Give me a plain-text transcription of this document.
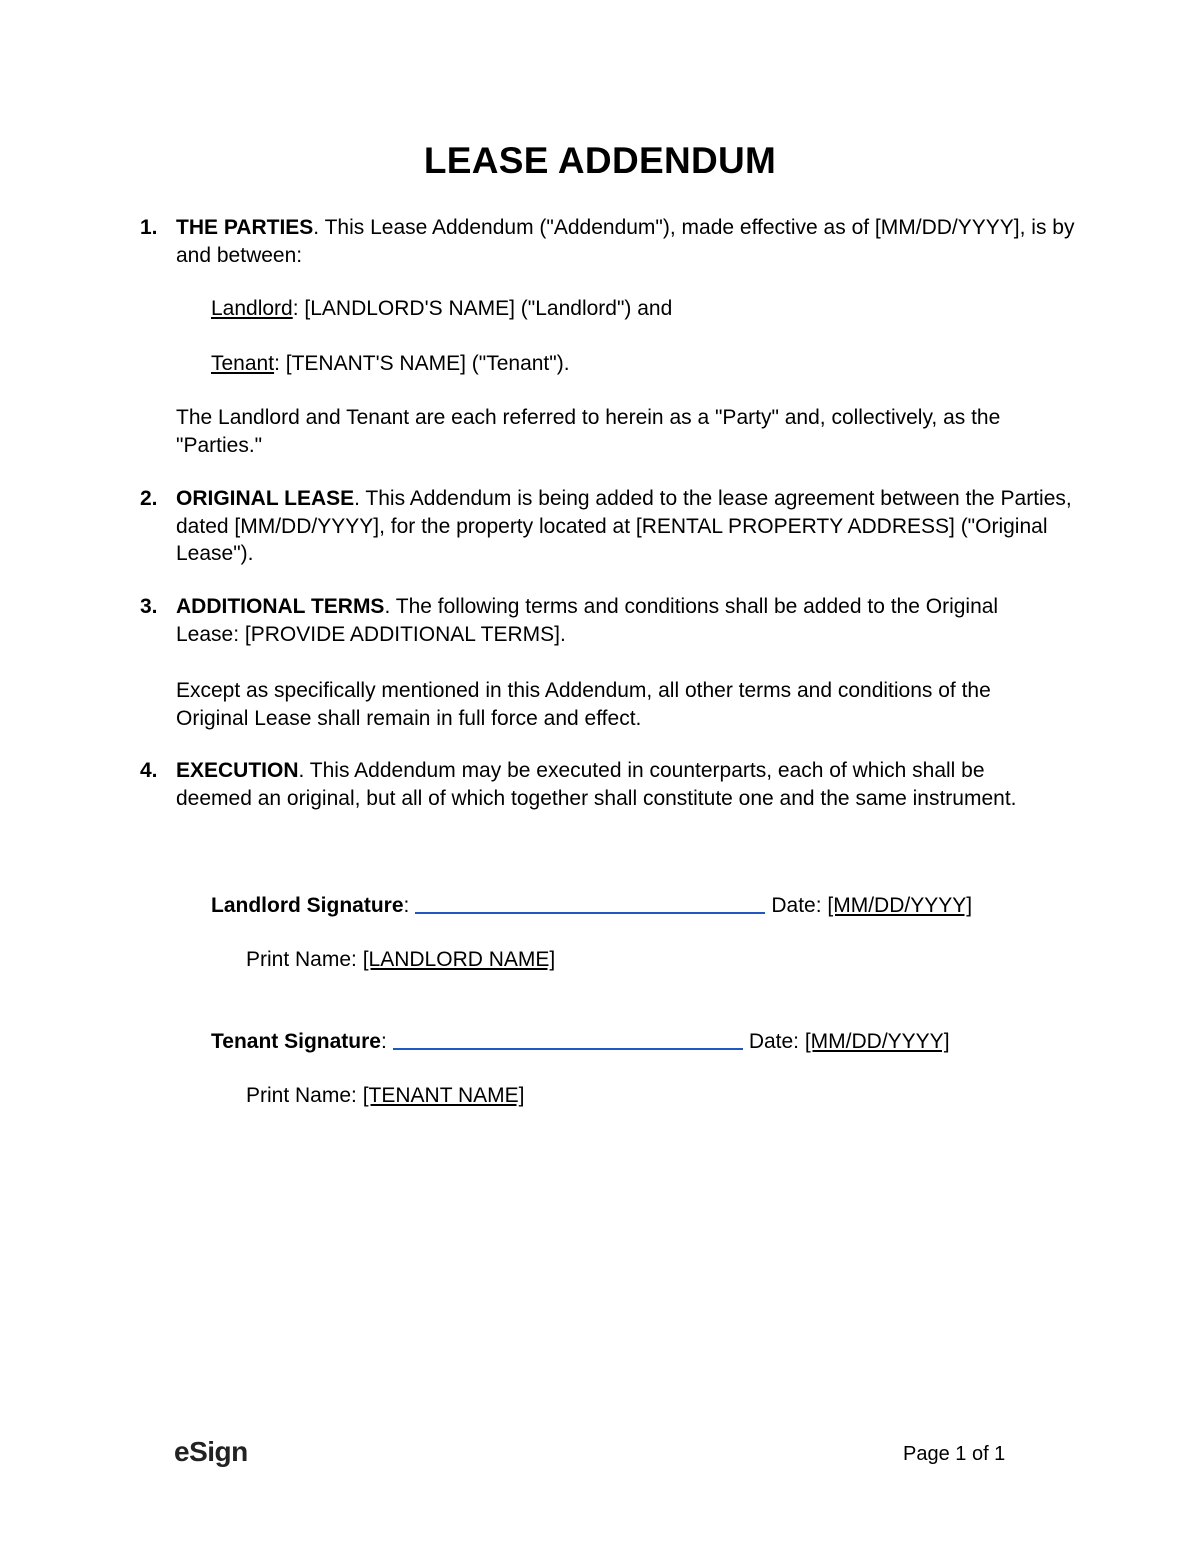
LEASE ADDENDUM
1. THE PARTIES. This Lease Addendum ("Addendum"), made effective as of [MM/DD/YYYY], is by and between:
Landlord: [LANDLORD'S NAME] ("Landlord") and
Tenant: [TENANT'S NAME] ("Tenant").
The Landlord and Tenant are each referred to herein as a "Party" and, collectively, as the "Parties."
2. ORIGINAL LEASE. This Addendum is being added to the lease agreement between the Parties, dated [MM/DD/YYYY], for the property located at [RENTAL PROPERTY ADDRESS] ("Original Lease").
3. ADDITIONAL TERMS. The following terms and conditions shall be added to the Original Lease: [PROVIDE ADDITIONAL TERMS].
Except as specifically mentioned in this Addendum, all other terms and conditions of the Original Lease shall remain in full force and effect.
4. EXECUTION. This Addendum may be executed in counterparts, each of which shall be deemed an original, but all of which together shall constitute one and the same instrument.
Landlord Signature:	Date: [MM/DD/YYYY]
Print Name: [LANDLORD NAME]
Tenant Signature:	Date: [MM/DD/YYYY]
Print Name: [TENANT NAME]
eSign	Page 1 of 1
